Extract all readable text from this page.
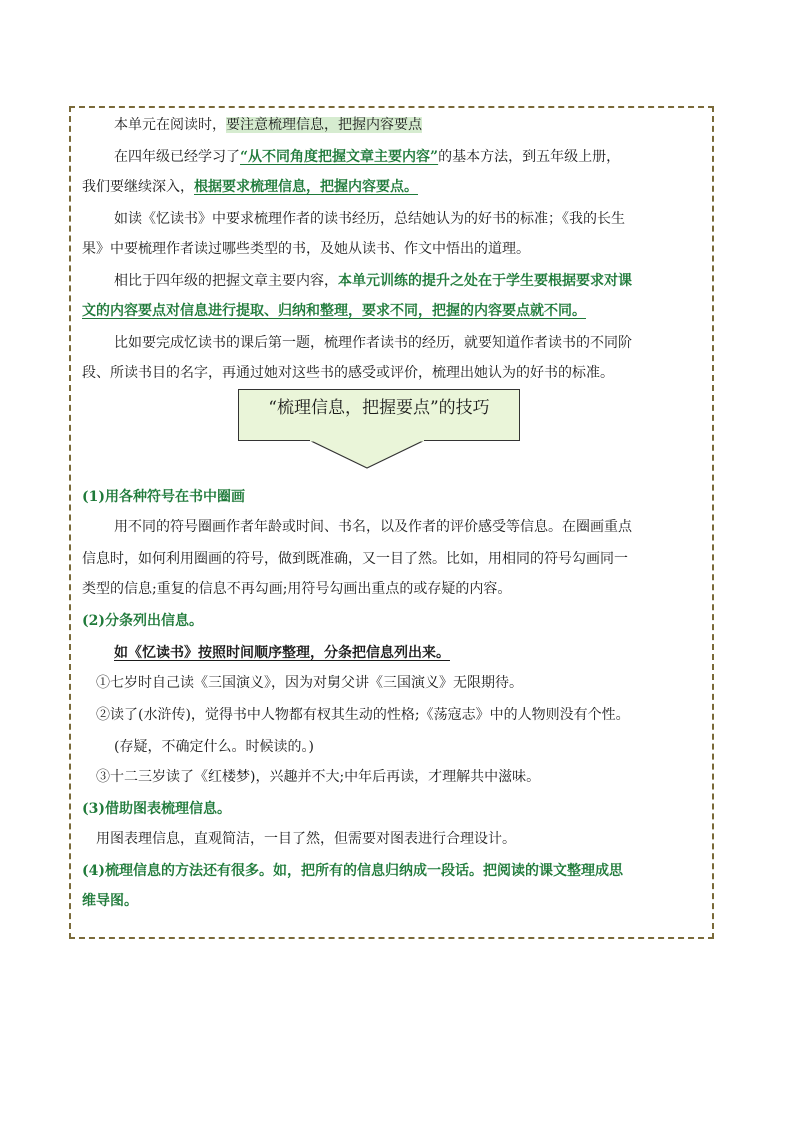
本单元在阅读时，要注意梳理信息，把握内容要点
在四年级已经学习了“从不同角度把握文章主要内容”的基本方法，到五年级上册，
我们要继续深入，根据要求梳理信息，把握内容要点。
如读《忆读书》中要求梳理作者的读书经历，总结她认为的好书的标准；《我的长生
果》中要梳理作者读过哪些类型的书，及她从读书、作文中悟出的道理。
相比于四年级的把握文章主要内容，本单元训练的提升之处在于学生要根据要求对课
文的内容要点对信息进行提取、归纳和整理，要求不同，把握的内容要点就不同。
比如要完成忆读书的课后第一题，梳理作者读书的经历，就要知道作者读书的不同阶
段、所读书目的名字，再通过她对这些书的感受或评价，梳理出她认为的好书的标准。
“梳理信息，把握要点”的技巧
(1)用各种符号在书中圈画
用不同的符号圈画作者年龄或时间、书名，以及作者的评价感受等信息。在圈画重点
信息时，如何利用圈画的符号，做到既准确，又一目了然。比如，用相同的符号勾画同一
类型的信息;重复的信息不再勾画;用符号勾画出重点的或存疑的内容。
(2)分条列出信息。
如《忆读书》按照时间顺序整理，分条把信息列出来。
①七岁时自己读《三国演义》，因为对舅父讲《三国演义》无限期待。
②读了(水浒传)，觉得书中人物都有杈其生动的性格;《荡寇志》中的人物则没有个性。
(存疑，不确定什么。时候读的。)
③十二三岁读了《红楼梦)，兴趣并不大;中年后再读，才理解共中滋味。
(3)借助图表梳理信息。
用图表理信息，直观简洁，一目了然，但需要对图表进行合理设计。
(4)梳理信息的方法还有很多。如，把所有的信息归纳成一段话。把阅读的课文整理成思
维导图。
